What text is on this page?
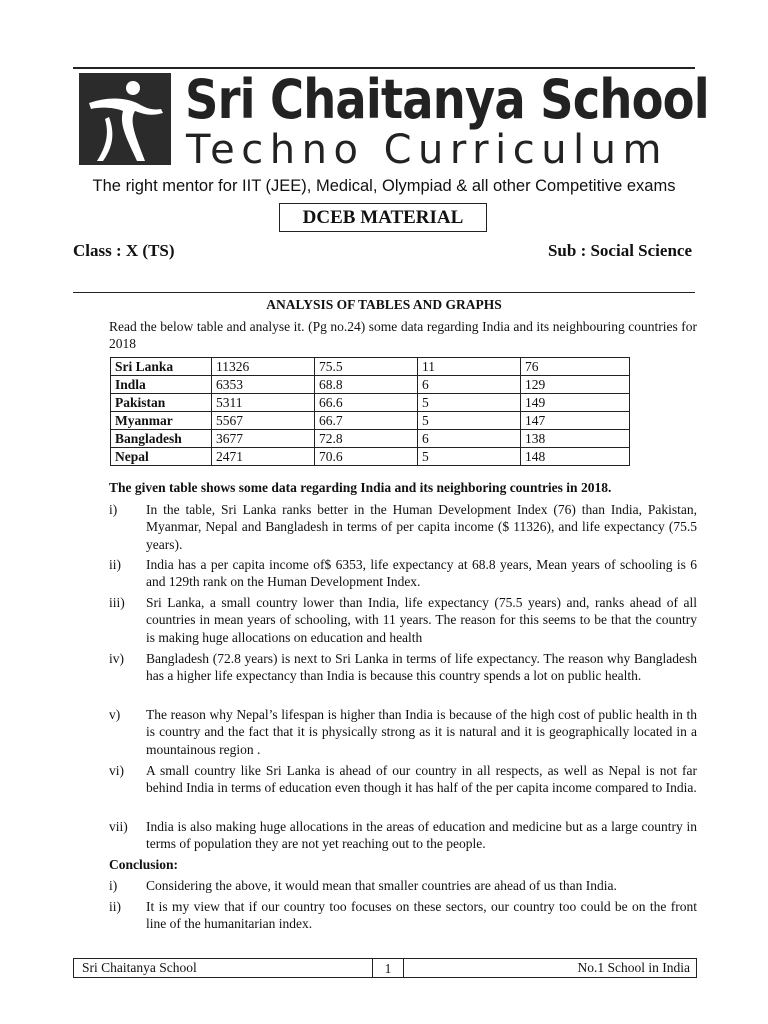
Sri Chaitanya School
Techno Curriculum
The right mentor for IIT (JEE), Medical, Olympiad & all other Competitive exams
DCEB MATERIAL
Class : X (TS)	Sub : Social Science
ANALYSIS OF TABLES AND GRAPHS
Read the below table and analyse it. (Pg no.24) some data regarding India and its neighbouring countries for 2018
Sri Lanka	11326	75.5	11	76
Indla	6353	68.8	6	129
Pakistan	5311	66.6	5	149
Myanmar	5567	66.7	5	147
Bangladesh	3677	72.8	6	138
Nepal	2471	70.6	5	148
The given table shows some data regarding India and its neighboring countries in 2018.
i) In the table, Sri Lanka ranks better in the Human Development Index (76) than India, Pakistan, Myanmar, Nepal and Bangladesh in terms of per capita income ($ 11326), and life expectancy (75.5 years).
ii) India has a per capita income of$ 6353, life expectancy at 68.8 years, Mean years of schooling is 6 and 129th rank on the Human Development Index.
iii) Sri Lanka, a small country lower than India, life expectancy (75.5 years) and, ranks ahead of all countries in mean years of schooling, with 11 years. The reason for this seems to be that the country is making huge allocations on education and health
iv) Bangladesh (72.8 years) is next to Sri Lanka in terms of life expectancy. The reason why Bangladesh has a higher life expectancy than India is because this country spends a lot on public health.
v) The reason why Nepal’s lifespan is higher than India is because of the high cost of public health in th is country and the fact that it is physically strong as it is natural and it is geographically located in a mountainous region .
vi) A small country like Sri Lanka is ahead of our country in all respects, as well as Nepal is not far behind India in terms of education even though it has half of the per capita income compared to India.
vii) India is also making huge allocations in the areas of education and medicine but as a large country in terms of population they are not yet reaching out to the people.
Conclusion:
i) Considering the above, it would mean that smaller countries are ahead of us than India.
ii) It is my view that if our country too focuses on these sectors, our country too could be on the front line of the humanitarian index.
Sri Chaitanya School	1	No.1 School in India
